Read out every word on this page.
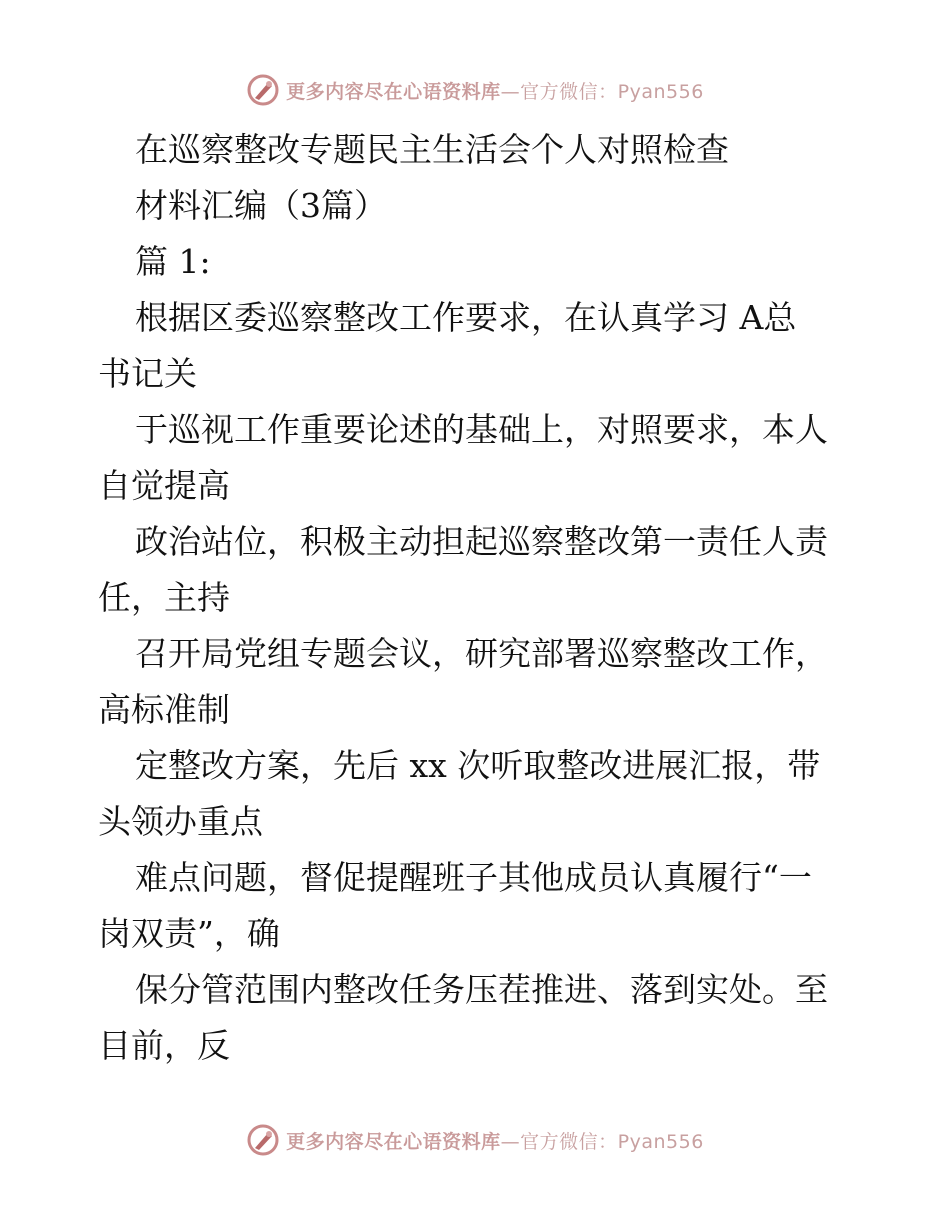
更多内容尽在心语资料库—官方微信：Pyan556
在巡察整改专题民主生活会个人对照检查
材料汇编（3篇）
篇 1:
根据区委巡察整改工作要求，在认真学习 A总
书记关
于巡视工作重要论述的基础上，对照要求，本人
自觉提高
政治站位，积极主动担起巡察整改第一责任人责
任，主持
召开局党组专题会议，研究部署巡察整改工作，
高标准制
定整改方案，先后 xx 次听取整改进展汇报，带
头领办重点
难点问题，督促提醒班子其他成员认真履行“一
岗双责”，确
保分管范围内整改任务压茬推进、落到实处。至
目前，反
更多内容尽在心语资料库—官方微信：Pyan556
